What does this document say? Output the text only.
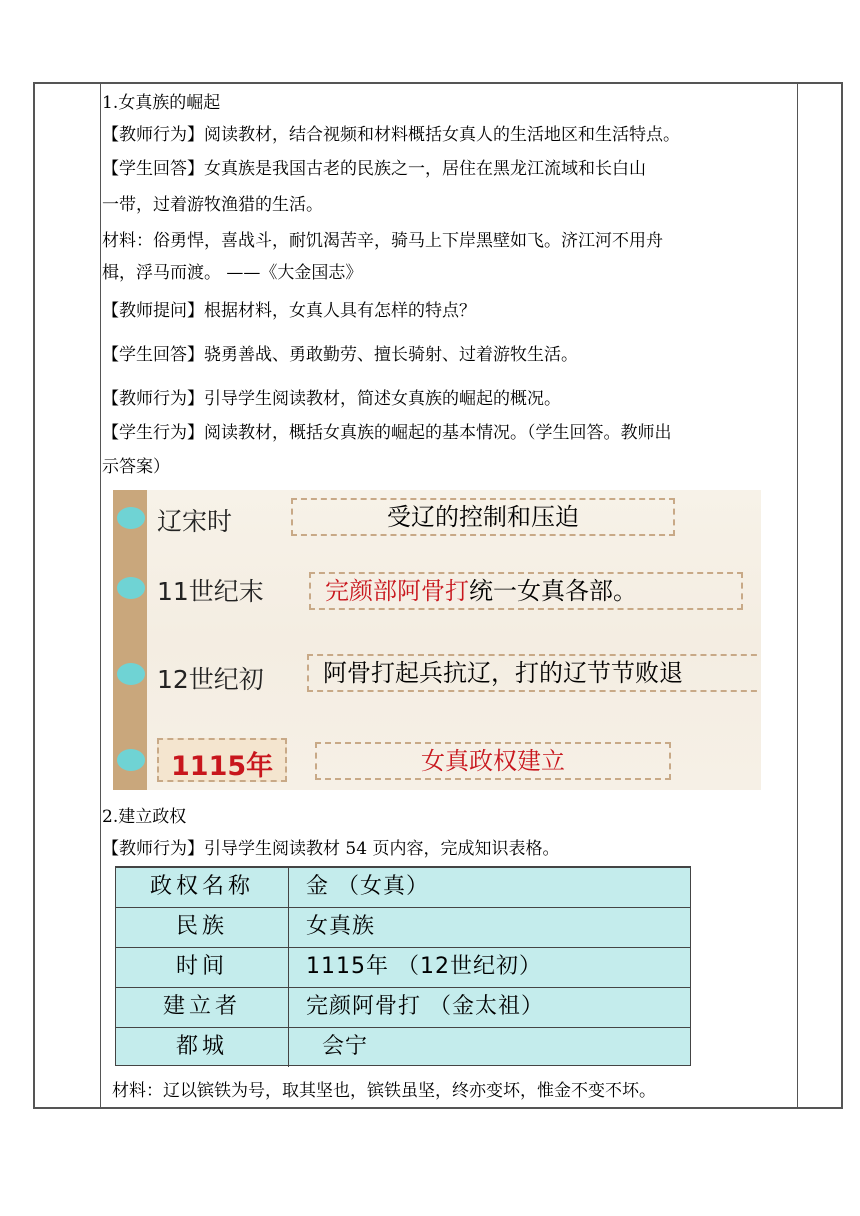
1.女真族的崛起
【教师行为】阅读教材，结合视频和材料概括女真人的生活地区和生活特点。
【学生回答】女真族是我国古老的民族之一，居住在黑龙江流域和长白山
一带，过着游牧渔猎的生活。
材料：俗勇悍，喜战斗，耐饥渴苦辛，骑马上下岸黑壁如飞。济江河不用舟
楫，浮马而渡。 ——《大金国志》
【教师提问】根据材料，女真人具有怎样的特点？
【学生回答】骁勇善战、勇敢勤劳、擅长骑射、过着游牧生活。
【教师行为】引导学生阅读教材，简述女真族的崛起的概况。
【学生行为】阅读教材，概括女真族的崛起的基本情况。（学生回答。教师出
示答案）
辽宋时	受辽的控制和压迫
11世纪末	完颜部阿骨打统一女真各部。
12世纪初	阿骨打起兵抗辽，打的辽节节败退
1115年	女真政权建立
2.建立政权
【教师行为】引导学生阅读教材 54 页内容，完成知识表格。
政权名称	金 （女真）
民族	女真族
时间	1115年 （12世纪初）
建立者	完颜阿骨打 （金太祖）
都城	会宁
材料：辽以镔铁为号，取其坚也，镔铁虽坚，终亦变坏，惟金不变不坏。
